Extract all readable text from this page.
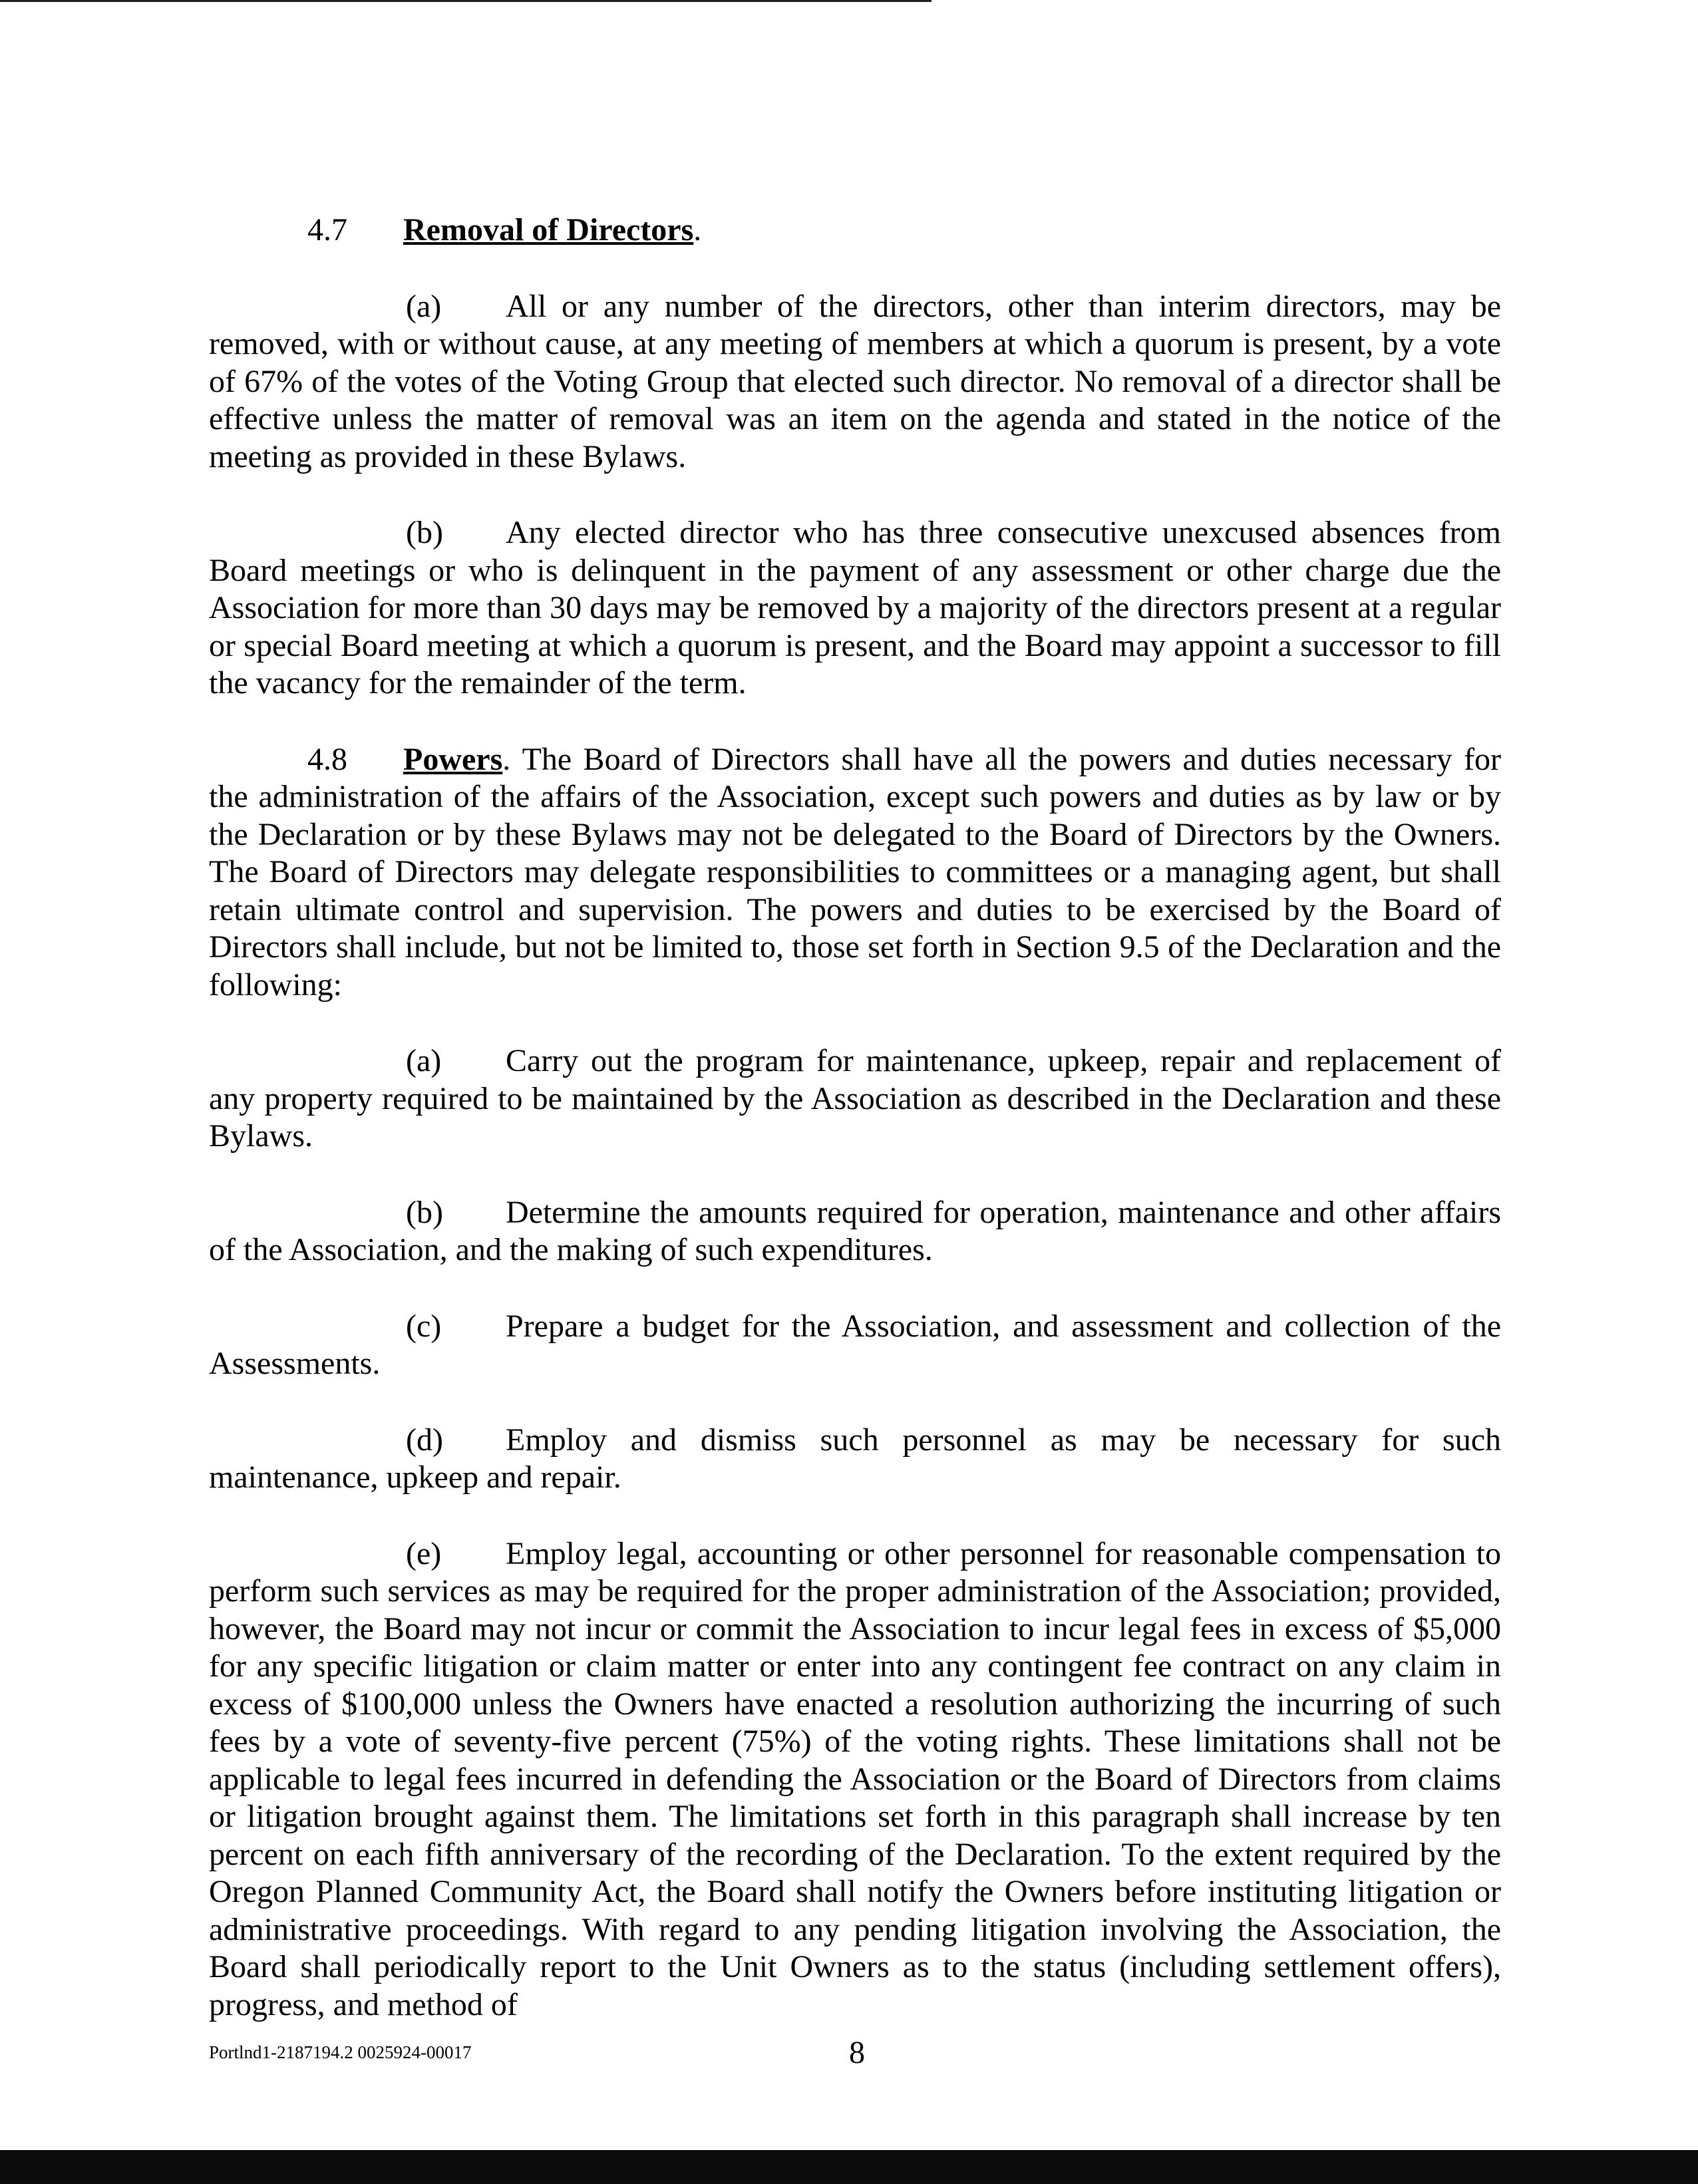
4.7 Removal of Directors.

(a) All or any number of the directors, other than interim directors, may be removed, with or without cause, at any meeting of members at which a quorum is present, by a vote of 67% of the votes of the Voting Group that elected such director. No removal of a director shall be effective unless the matter of removal was an item on the agenda and stated in the notice of the meeting as provided in these Bylaws.

(b) Any elected director who has three consecutive unexcused absences from Board meetings or who is delinquent in the payment of any assessment or other charge due the Association for more than 30 days may be removed by a majority of the directors present at a regular or special Board meeting at which a quorum is present, and the Board may appoint a successor to fill the vacancy for the remainder of the term.

4.8 Powers. The Board of Directors shall have all the powers and duties necessary for the administration of the affairs of the Association, except such powers and duties as by law or by the Declaration or by these Bylaws may not be delegated to the Board of Directors by the Owners. The Board of Directors may delegate responsibilities to committees or a managing agent, but shall retain ultimate control and supervision. The powers and duties to be exercised by the Board of Directors shall include, but not be limited to, those set forth in Section 9.5 of the Declaration and the following:

(a) Carry out the program for maintenance, upkeep, repair and replacement of any property required to be maintained by the Association as described in the Declaration and these Bylaws.

(b) Determine the amounts required for operation, maintenance and other affairs of the Association, and the making of such expenditures.

(c) Prepare a budget for the Association, and assessment and collection of the Assessments.

(d) Employ and dismiss such personnel as may be necessary for such maintenance, upkeep and repair.

(e) Employ legal, accounting or other personnel for reasonable compensation to perform such services as may be required for the proper administration of the Association; provided, however, the Board may not incur or commit the Association to incur legal fees in excess of $5,000 for any specific litigation or claim matter or enter into any contingent fee contract on any claim in excess of $100,000 unless the Owners have enacted a resolution authorizing the incurring of such fees by a vote of seventy-five percent (75%) of the voting rights. These limitations shall not be applicable to legal fees incurred in defending the Association or the Board of Directors from claims or litigation brought against them. The limitations set forth in this paragraph shall increase by ten percent on each fifth anniversary of the recording of the Declaration. To the extent required by the Oregon Planned Community Act, the Board shall notify the Owners before instituting litigation or administrative proceedings. With regard to any pending litigation involving the Association, the Board shall periodically report to the Unit Owners as to the status (including settlement offers), progress, and method of

Portlnd1-2187194.2 0025924-00017	8
